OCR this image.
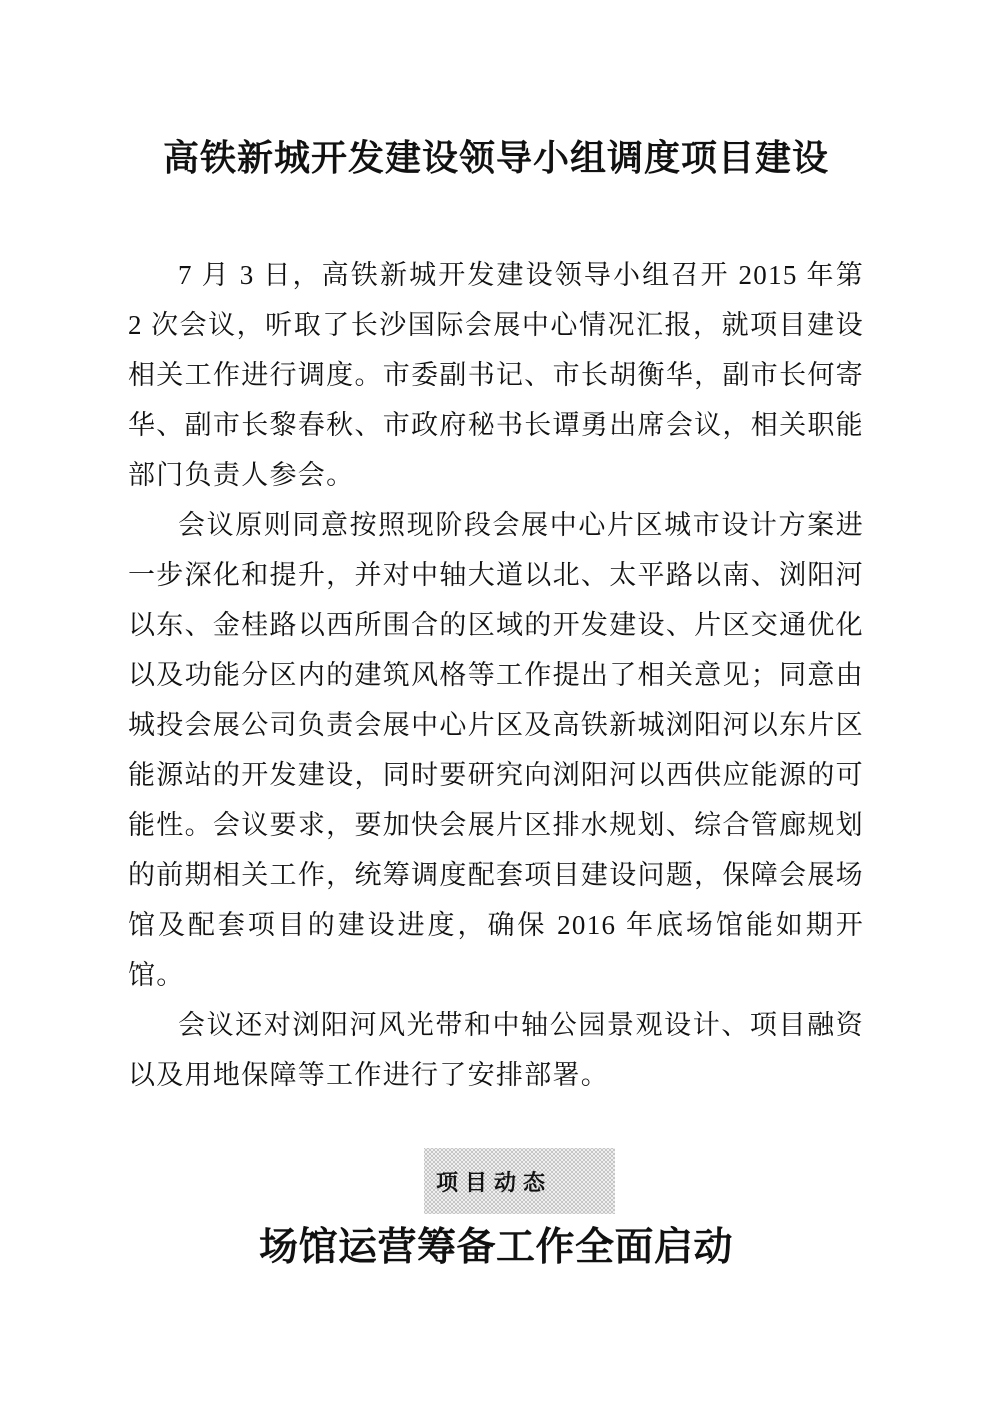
高铁新城开发建设领导小组调度项目建设

7 月 3 日，高铁新城开发建设领导小组召开 2015 年第 2 次会议，听取了长沙国际会展中心情况汇报，就项目建设相关工作进行调度。市委副书记、市长胡衡华，副市长何寄华、副市长黎春秋、市政府秘书长谭勇出席会议，相关职能部门负责人参会。

会议原则同意按照现阶段会展中心片区城市设计方案进一步深化和提升，并对中轴大道以北、太平路以南、浏阳河以东、金桂路以西所围合的区域的开发建设、片区交通优化以及功能分区内的建筑风格等工作提出了相关意见；同意由城投会展公司负责会展中心片区及高铁新城浏阳河以东片区能源站的开发建设，同时要研究向浏阳河以西供应能源的可能性。会议要求，要加快会展片区排水规划、综合管廊规划的前期相关工作，统筹调度配套项目建设问题，保障会展场馆及配套项目的建设进度，确保 2016 年底场馆能如期开馆。

会议还对浏阳河风光带和中轴公园景观设计、项目融资以及用地保障等工作进行了安排部署。

项目动态
场馆运营筹备工作全面启动
